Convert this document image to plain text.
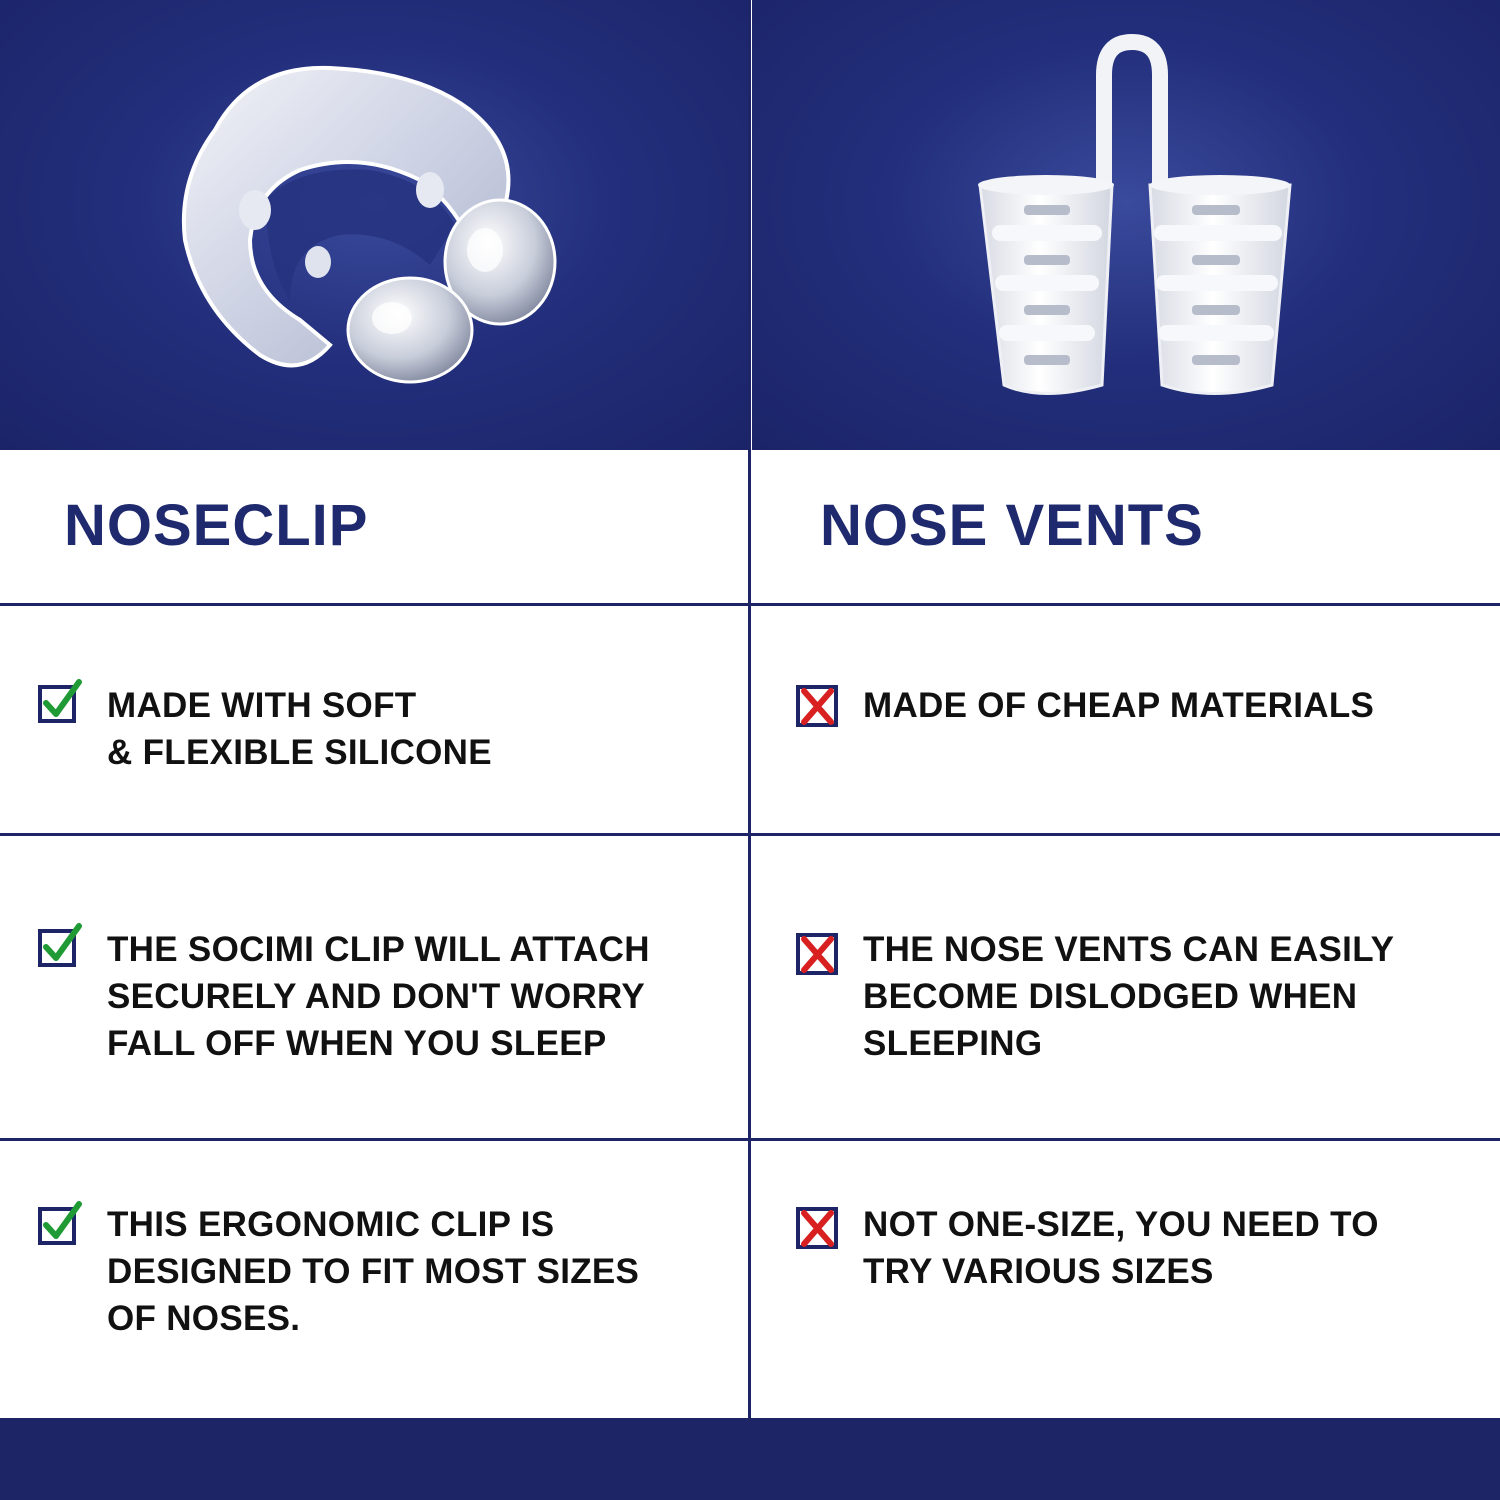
NOSECLIP	NOSE VENTS
MADE WITH SOFT
& FLEXIBLE SILICONE
THE SOCIMI CLIP WILL ATTACH
SECURELY AND DON'T WORRY
FALL OFF WHEN YOU SLEEP
THIS ERGONOMIC CLIP IS
DESIGNED TO FIT MOST SIZES
OF NOSES.
MADE OF CHEAP MATERIALS
THE NOSE VENTS CAN EASILY
BECOME DISLODGED WHEN
SLEEPING
NOT ONE-SIZE, YOU NEED TO
TRY VARIOUS SIZES
